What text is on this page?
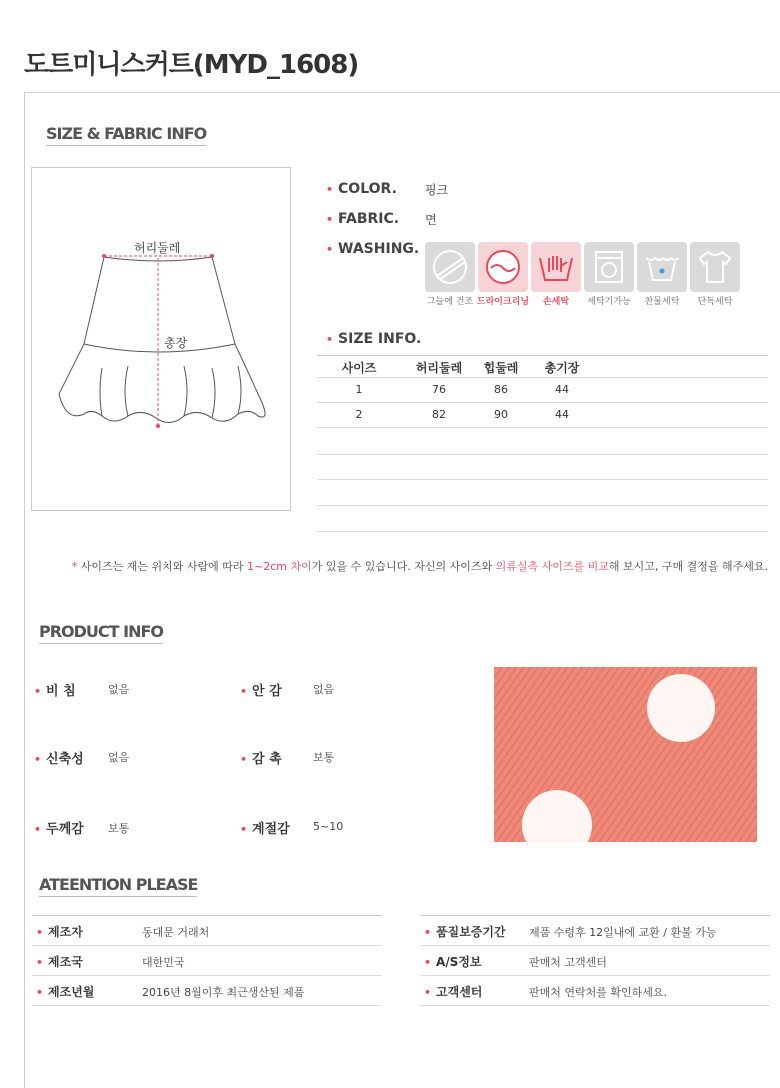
도트미니스커트(MYD_1608)
SIZE & FABRIC INFO
허리둘레
총장
• COLOR. 핑크
• FABRIC. 면
• WASHING.
그늘에 건조 드라이크리닝	손세탁	세탁기가능	찬물세탁	단독세탁
• SIZE INFO.
사이즈	허리둘레	힙둘레	총기장
1	76	86	44
2	82	90	44
* 사이즈는 재는 위치와 사람에 따라 1~2cm 차이가 있을 수 있습니다. 자신의 사이즈와 의류실측 사이즈를 비교해 보시고, 구매 결정을 해주세요.
PRODUCT INFO
• 비 침	없음	• 안 감	없음
• 신축성 없음	• 감 촉	보통
• 두께감 보통	• 계절감 5~10
ATEENTION PLEASE
• 제조자	동대문 거래처
• 제조국	대한민국
• 제조년월	2016년 8월이후 최근생산된 제품
• 품질보증기간 제품 수령후 12일내에 교환 / 환불 가능
• A/S정보	판매처 고객센터
• 고객센터	판매처 연락처를 확인하세요.
